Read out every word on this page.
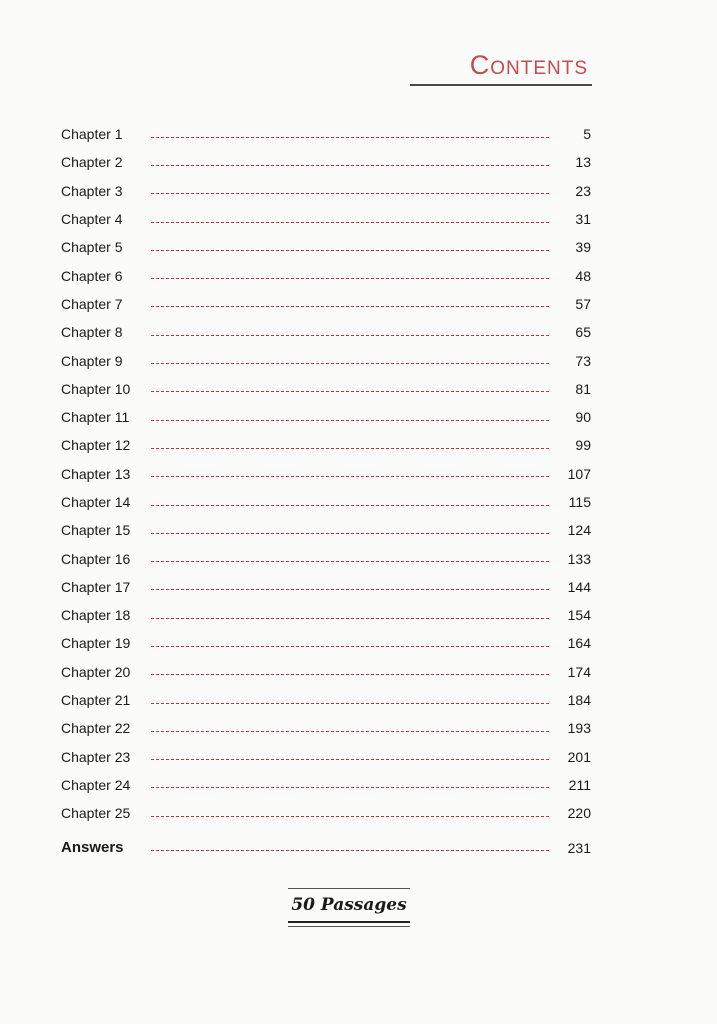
Contents
Chapter 1	5
Chapter 2	13
Chapter 3	23
Chapter 4	31
Chapter 5	39
Chapter 6	48
Chapter 7	57
Chapter 8	65
Chapter 9	73
Chapter 10	81
Chapter 11	90
Chapter 12	99
Chapter 13	107
Chapter 14	115
Chapter 15	124
Chapter 16	133
Chapter 17	144
Chapter 18	154
Chapter 19	164
Chapter 20	174
Chapter 21	184
Chapter 22	193
Chapter 23	201
Chapter 24	211
Chapter 25	220
Answers	231
50 Passages
